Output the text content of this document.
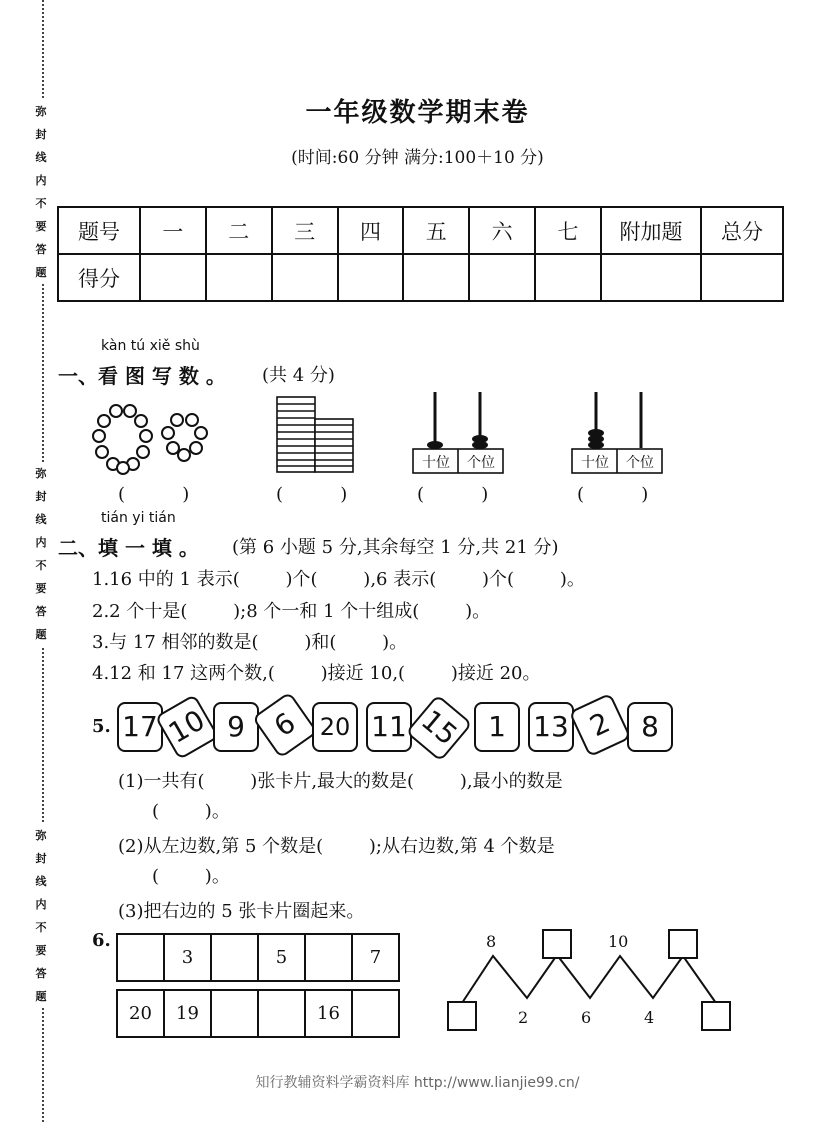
弥
封
线
内
不
要
答
题
弥
封
线
内
不
要
答
题
弥
封
线
内
不
要
答
题
一年级数学期末卷
(时间:60 分钟 满分:100＋10 分)
题号	一	二	三	四	五	六	七	附加题	总分
得分									
kàn tú xiě shù
一、看 图 写 数 。 (共 4 分)
十位	个位	十位	个位
(          )	(          )	(          )	(          )
tián yi tián
二、填 一 填 。 (第 6 小题 5 分,其余每空 1 分,共 21 分)
1.16 中的 1 表示(        )个(        ),6 表示(        )个(        )。
2.2 个十是(        );8 个一和 1 个十组成(        )。
3.与 17 相邻的数是(        )和(        )。
4.12 和 17 这两个数,(        )接近 10,(        )接近 20。
5. 17 10 9 6 20 11 15 1 13 2 8
(1)一共有(        )张卡片,最大的数是(        ),最小的数是
(        )。
(2)从左边数,第 5 个数是(        );从右边数,第 4 个数是
(        )。
(3)把右边的 5 张卡片圈起来。
6.
	3		5		7
20	19			16	
8	10
2	6	4
知行教辅资料学霸资料库 http://www.lianjie99.cn/
